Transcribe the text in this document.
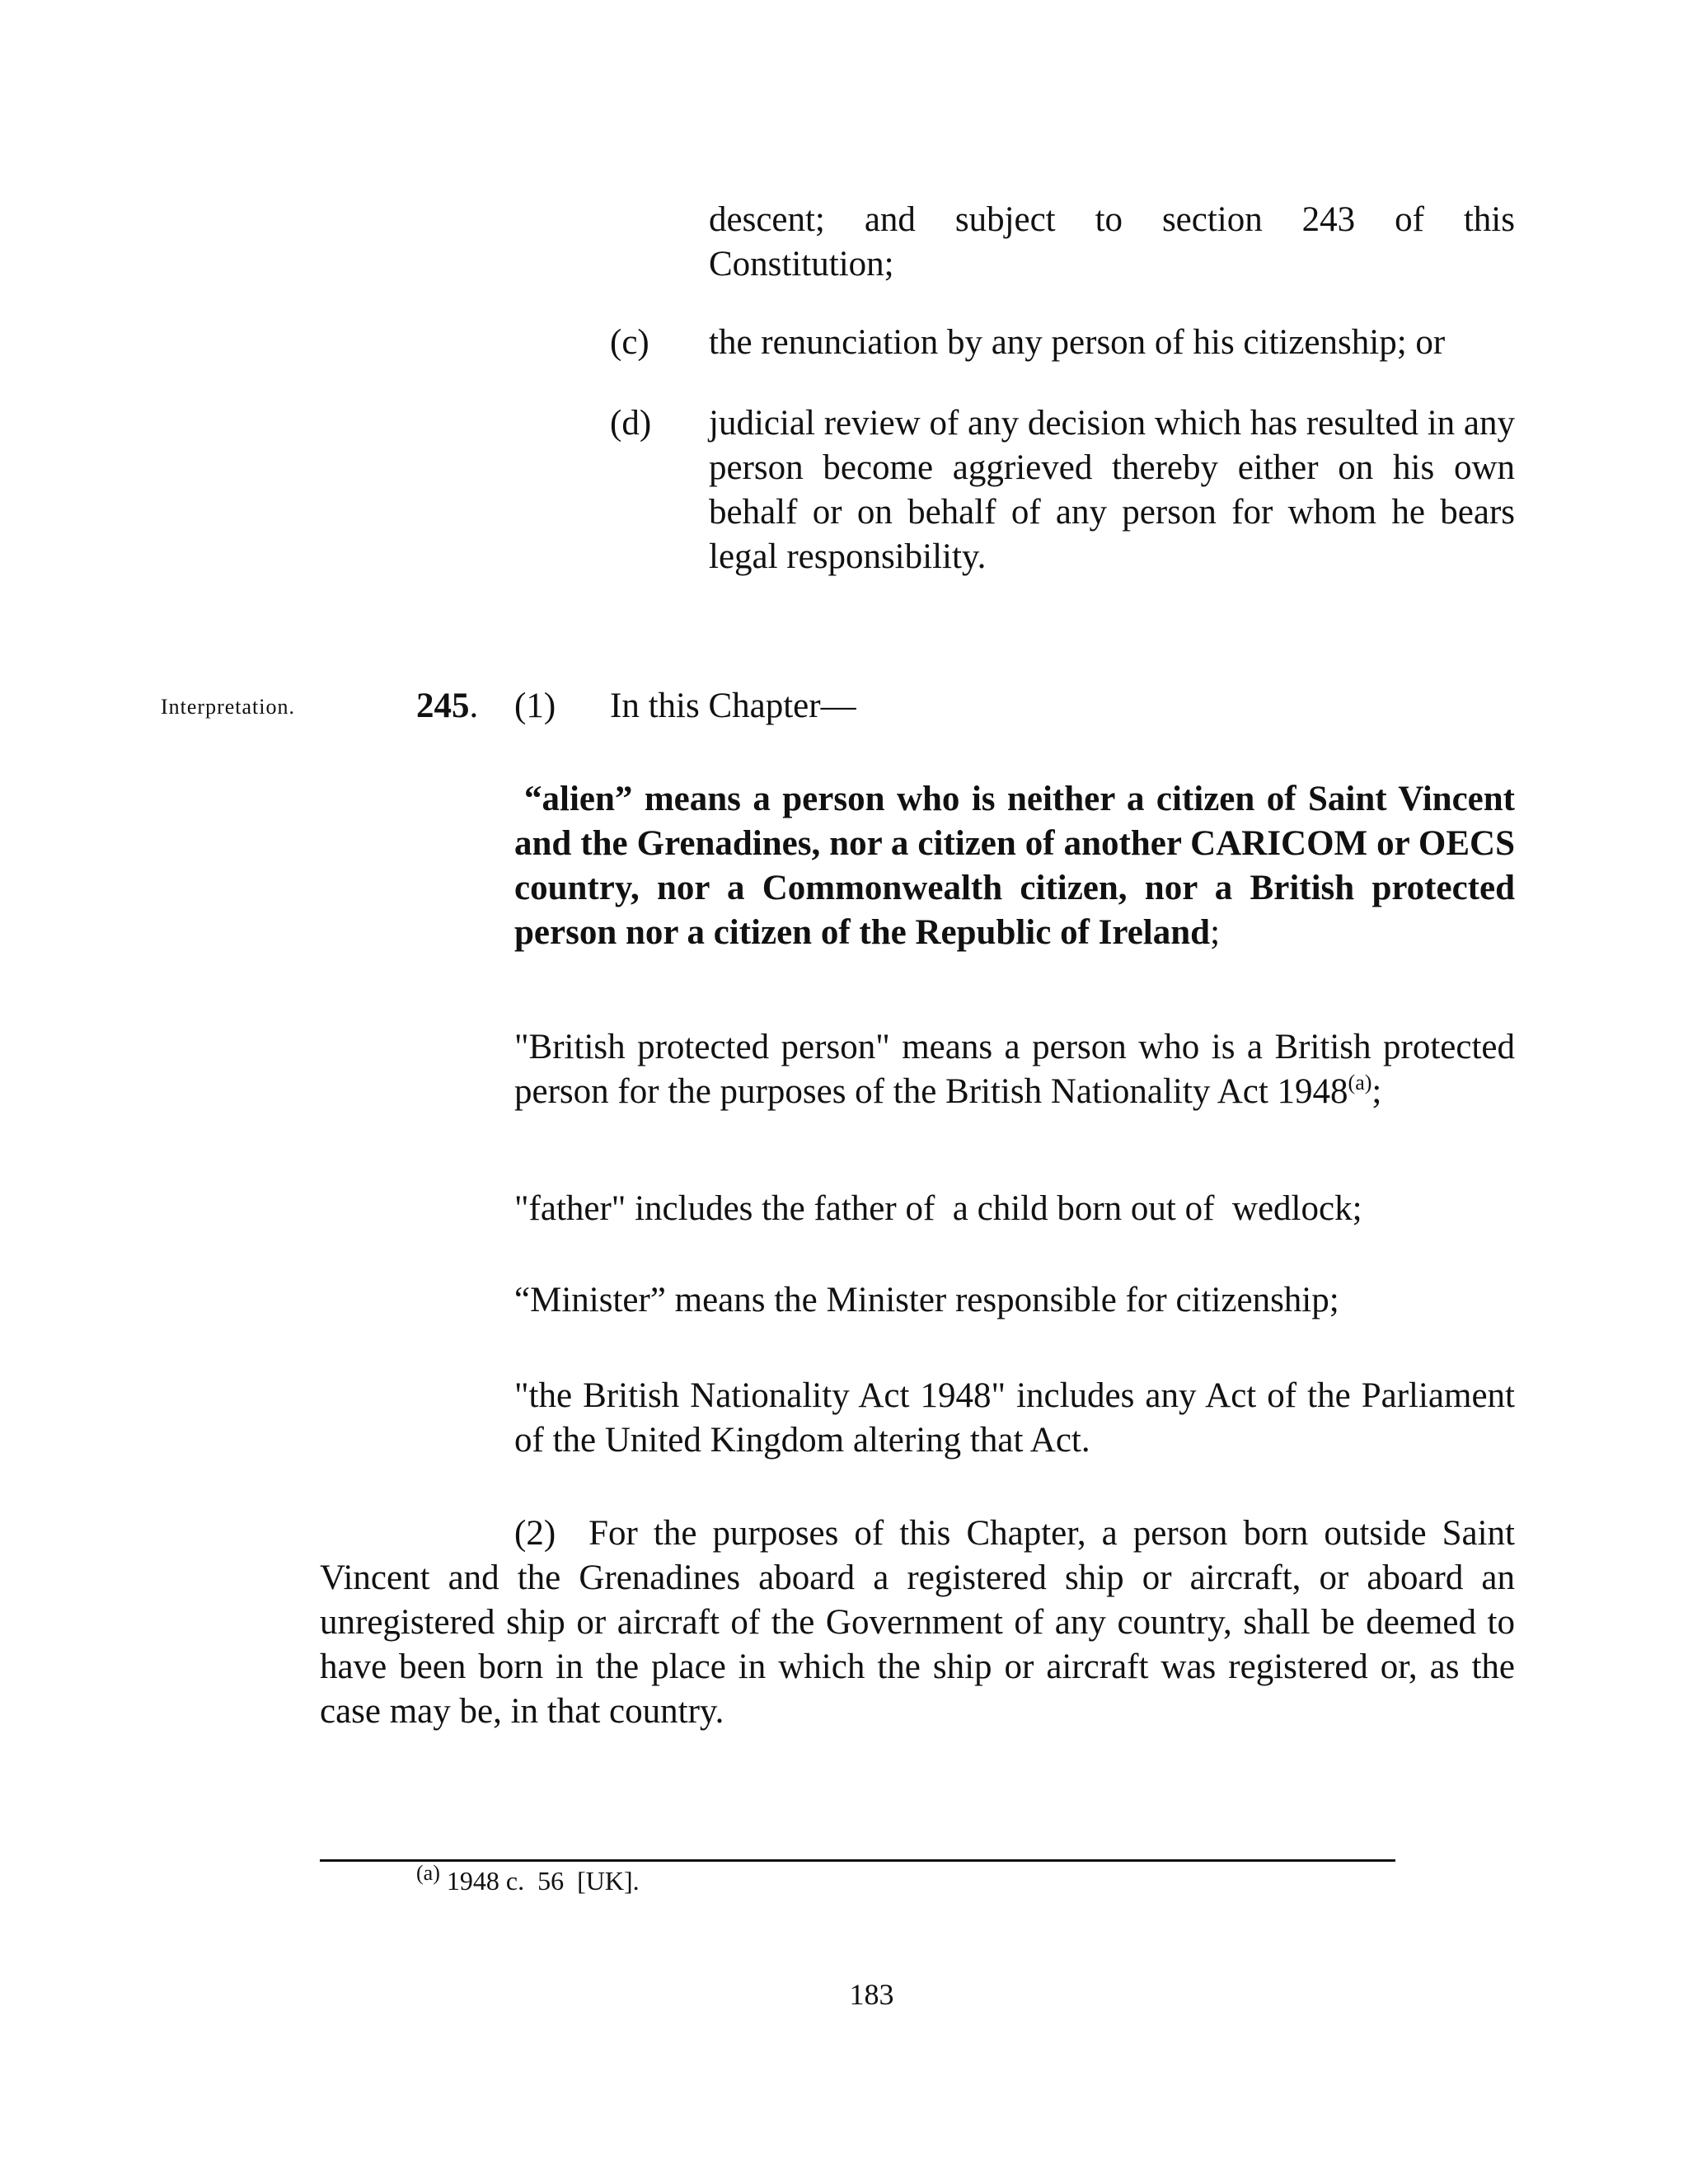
descent; and subject to section 243 of this Constitution;
(c) the renunciation by any person of his citizenship; or
(d) judicial review of any decision which has resulted in any person become aggrieved thereby either on his own behalf or on behalf of any person for whom he bears legal responsibility.
Interpretation.	245. (1) In this Chapter—
“alien” means a person who is neither a citizen of Saint Vincent and the Grenadines, nor a citizen of another CARICOM or OECS country, nor a Commonwealth citizen, nor a British protected person nor a citizen of the Republic of Ireland;
"British protected person" means a person who is a British protected person for the purposes of the British Nationality Act 1948$^{(a)}$;
"father" includes the father of  a child born out of  wedlock;
“Minister” means the Minister responsible for citizenship;
"the British Nationality Act 1948" includes any Act of the Parliament of the United Kingdom altering that Act.
(2) For the purposes of this Chapter, a person born outside Saint Vincent and the Grenadines aboard a registered ship or aircraft, or aboard an unregistered ship or aircraft of the Government of any country, shall be deemed to have been born in the place in which the ship or aircraft was registered or, as the case may be, in that country.
$^{(a)}$ 1948 c.  56  [UK].
183
